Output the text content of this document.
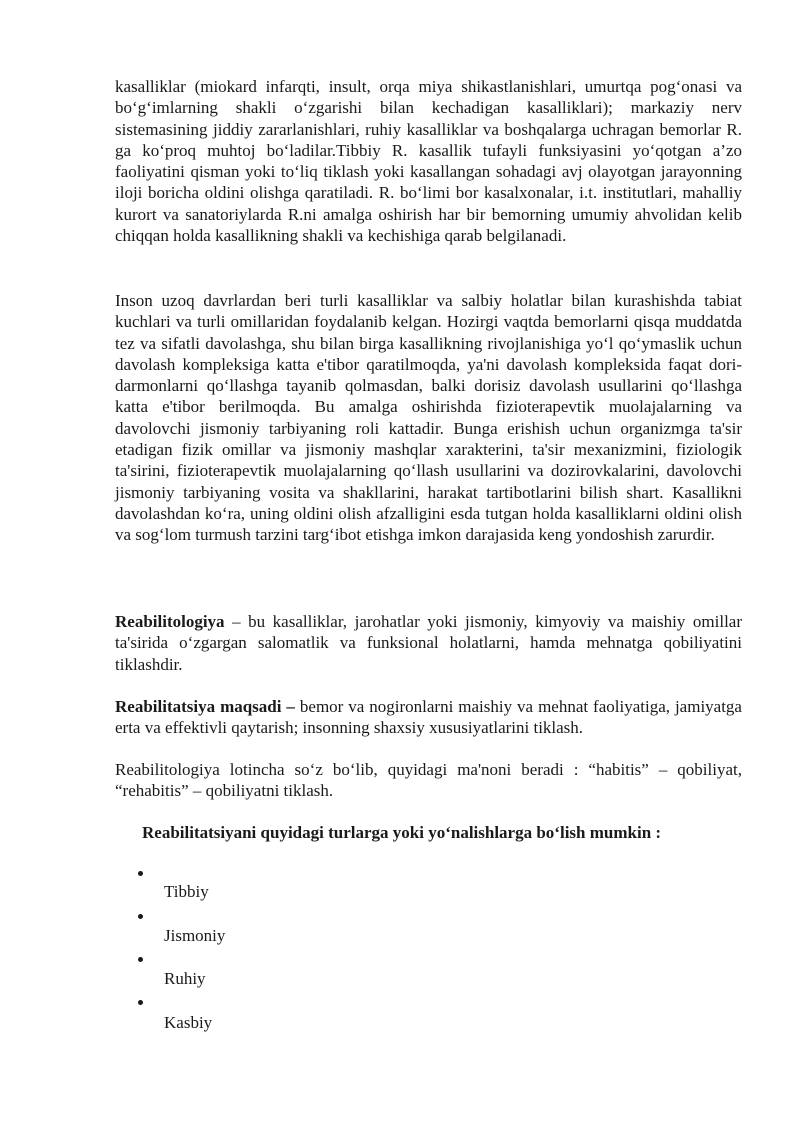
kasalliklar (miokard infarqti, insult, orqa miya shikastlanishlari, umurtqa pog‘onasi va bo‘g‘imlarning shakli o‘zgarishi bilan kechadigan kasalliklari); markaziy nerv sistemasining jiddiy zararlanishlari, ruhiy kasalliklar va boshqalarga uchragan bemorlar R. ga ko‘proq muhtoj bo‘ladilar.Tibbiy R. kasallik tufayli funksiyasini yo‘qotgan a’zo faoliyatini qisman yoki to‘liq tiklash yoki kasallangan sohadagi avj olayotgan jarayonning iloji boricha oldini olishga qaratiladi. R. bo‘limi bor kasalxonalar, i.t. institutlari, mahalliy kurort va sanatoriylarda R.ni amalga oshirish har bir bemorning umumiy ahvolidan kelib chiqqan holda kasallikning shakli va kechishiga qarab belgilanadi.

Inson uzoq davrlardan beri turli kasalliklar va salbiy holatlar bilan kurashishda tabiat kuchlari va turli omillaridan foydalanib kelgan. Hozirgi vaqtda bemorlarni qisqa muddatda tez va sifatli davolashga, shu bilan birga kasallikning rivojlanishiga yo‘l qo‘ymaslik uchun davolash kompleksiga katta e'tibor qaratilmoqda, ya'ni davolash kompleksida faqat dori-darmonlarni qo‘llashga tayanib qolmasdan, balki dorisiz davolash usullarini qo‘llashga katta e'tibor berilmoqda. Bu amalga oshirishda fizioterapevtik muolajalarning va davolovchi jismoniy tarbiyaning roli kattadir. Bunga erishish uchun organizmga ta'sir etadigan fizik omillar va jismoniy mashqlar xarakterini, ta'sir mexanizmini, fiziologik ta'sirini, fizioterapevtik muolajalarning qo‘llash usullarini va dozirovkalarini, davolovchi jismoniy tarbiyaning vosita va shakllarini, harakat tartibotlarini bilish shart. Kasallikni davolashdan ko‘ra, uning oldini olish afzalligini esda tutgan holda kasalliklarni oldini olish va sog‘lom turmush tarzini targ‘ibot etishga imkon darajasida keng yondoshish zarurdir.

Reabilitologiya – bu kasalliklar, jarohatlar yoki jismoniy, kimyoviy va maishiy omillar ta'sirida o‘zgargan salomatlik va funksional holatlarni, hamda mehnatga qobiliyatini tiklashdir.

Reabilitatsiya maqsadi – bemor va nogironlarni maishiy va mehnat faoliyatiga, jamiyatga erta va effektivli qaytarish; insonning shaxsiy xususiyatlarini tiklash.

Reabilitologiya lotincha so‘z bo‘lib, quyidagi ma'noni beradi : “habitis” – qobiliyat, “rehabitis” – qobiliyatni tiklash.

Reabilitatsiyani quyidagi turlarga yoki yo‘nalishlarga bo‘lish mumkin :

Tibbiy
Jismoniy
Ruhiy
Kasbiy
